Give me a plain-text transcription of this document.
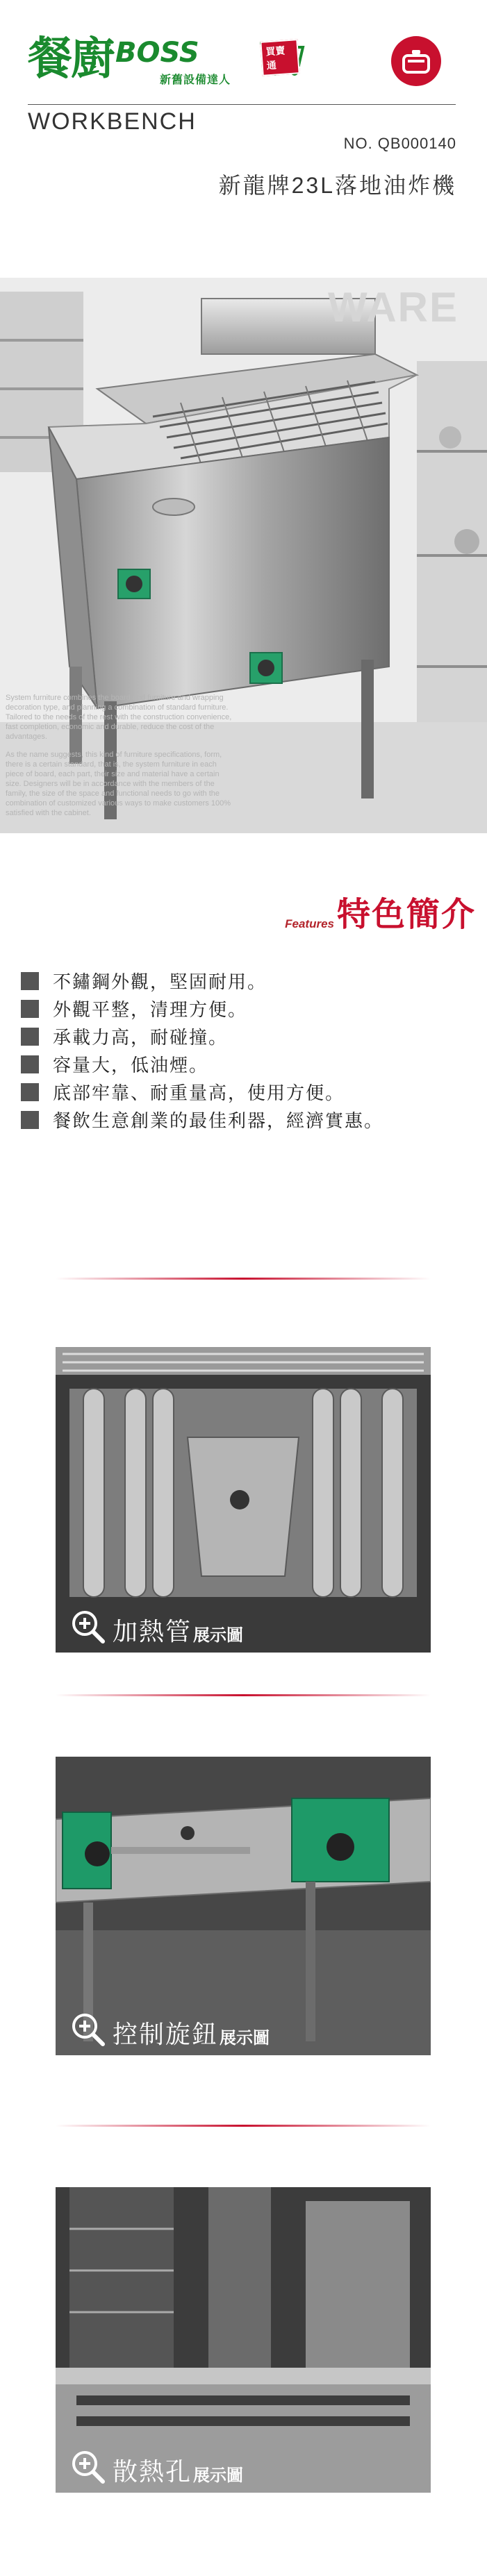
餐廚 BOSS	買賣通
新舊設備達人
WORKBENCH
NO. QB000140
新龍牌23L落地油炸機
WARE

System furniture combines the board and furniture and wrapping decoration type, and planning a combination of standard furniture. Tailored to the needs of the rest with the construction convenience, fast completion, economic and durable, reduce the cost of the advantages.

As the name suggests, this kind of furniture specifications, form, there is a certain standard, that is, the system furniture in each piece of board, each part, their size and material have a certain size. Designers will be in accordance with the members of the family, the size of the space and functional needs to go with the combination of customized various ways to make customers 100% satisfied with the cabinet.

Features 特色簡介
不鏽鋼外觀，堅固耐用。
外觀平整，清理方便。
承載力高，耐碰撞。
容量大，低油煙。
底部牢靠、耐重量高，使用方便。
餐飲生意創業的最佳利器，經濟實惠。
加熱管 展示圖
控制旋鈕 展示圖
散熱孔 展示圖
